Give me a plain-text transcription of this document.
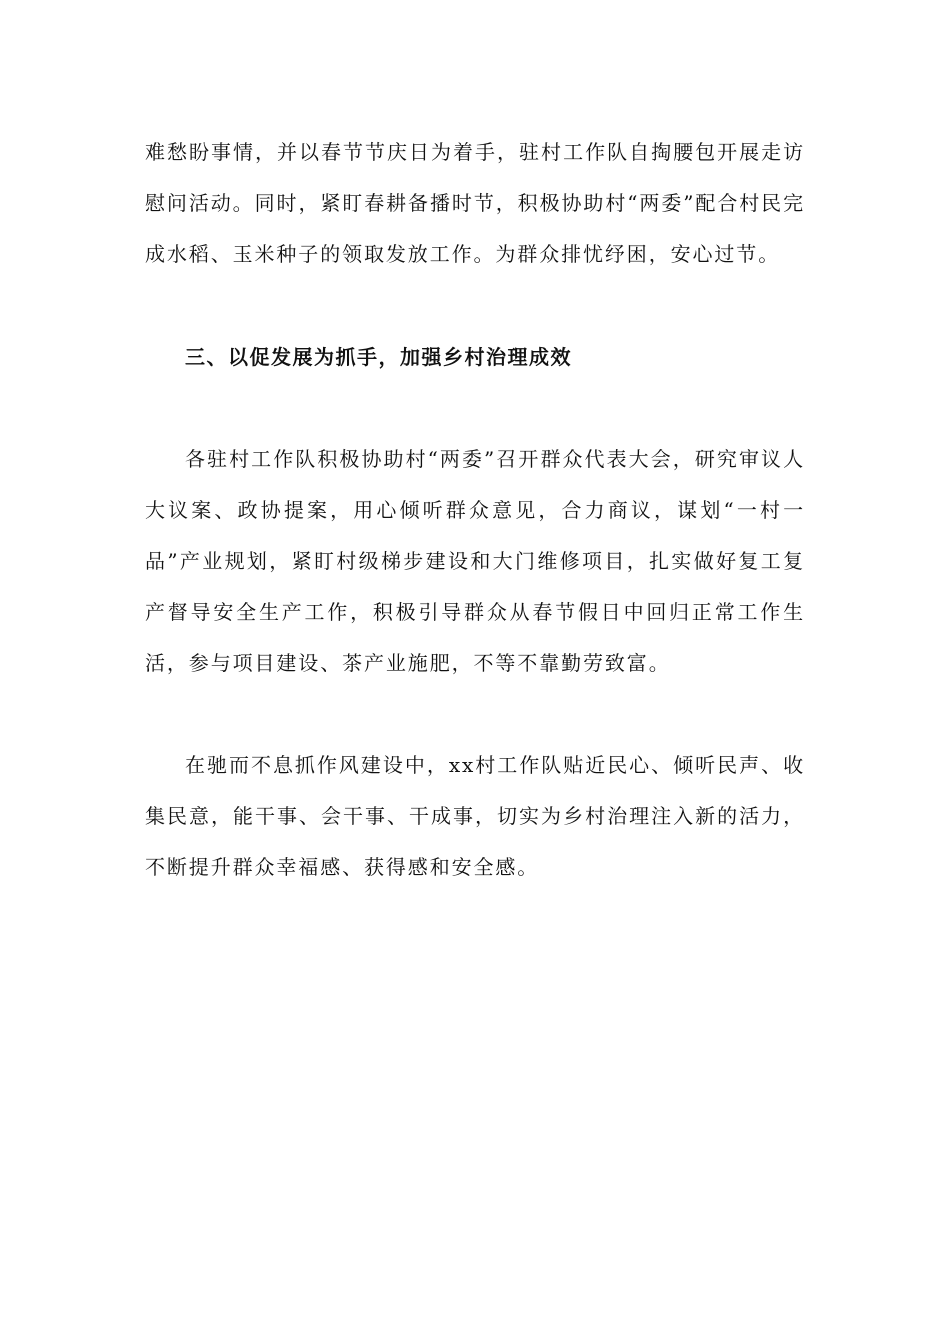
难愁盼事情，并以春节节庆日为着手，驻村工作队自掏腰包开展走访慰问活动。同时，紧盯春耕备播时节，积极协助村“两委”配合村民完成水稻、玉米种子的领取发放工作。为群众排忧纾困，安心过节。

三、以促发展为抓手，加强乡村治理成效

各驻村工作队积极协助村“两委”召开群众代表大会，研究审议人大议案、政协提案，用心倾听群众意见，合力商议，谋划“一村一品”产业规划，紧盯村级梯步建设和大门维修项目，扎实做好复工复产督导安全生产工作，积极引导群众从春节假日中回归正常工作生活，参与项目建设、茶产业施肥，不等不靠勤劳致富。

在驰而不息抓作风建设中，xx村工作队贴近民心、倾听民声、收集民意，能干事、会干事、干成事，切实为乡村治理注入新的活力，不断提升群众幸福感、获得感和安全感。
